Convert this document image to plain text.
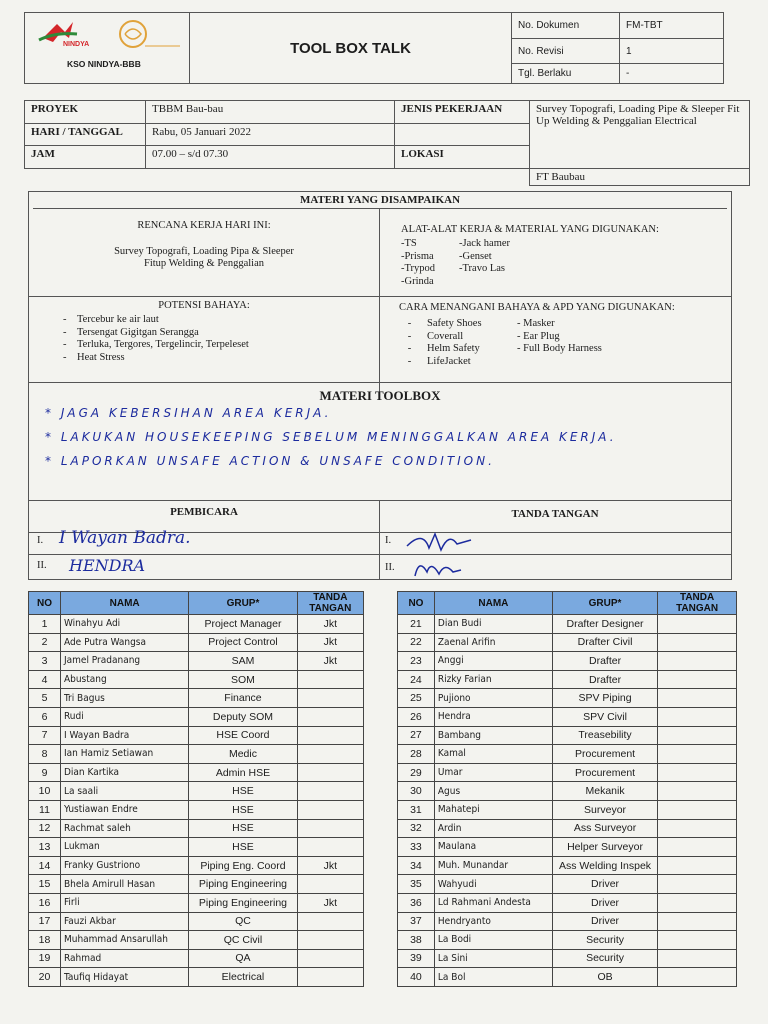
NINDYA
KSO NINDYA-BBB	TOOL BOX TALK	No. Dokumen	FM-TBT
		No. Revisi	1
		Tgl. Berlaku	-
PROYEK	TBBM Bau-bau	JENIS PEKERJAAN	Survey Topografi, Loading Pipe & Sleeper Fit Up Welding & Penggalian Electrical
HARI / TANGGAL	Rabu, 05 Januari 2022		
JAM	07.00 – s/d 07.30	LOKASI	
			FT Baubau
MATERI YANG DISAMPAIKAN
RENCANA KERJA HARI INI:
Survey Topografi, Loading Pipa & Sleeper
Fitup Welding & Penggalian
ALAT-ALAT KERJA & MATERIAL YANG DIGUNAKAN:
-TS
-Prisma
-Trypod
-Grinda
-Jack hamer
-Genset
-Travo Las
POTENSI BAHAYA:
- Tercebur ke air laut
- Tersengat Gigitgan Serangga
- Terluka, Tergores, Tergelincir, Terpeleset
- Heat Stress
CARA MENANGANI BAHAYA & APD YANG DIGUNAKAN:
- Safety Shoes
- Coverall
- Helm Safety
- LifeJacket
- Masker
- Ear Plug
- Full Body Harness
MATERI TOOLBOX
* JAGA KEBERSIHAN AREA KERJA.
* LAKUKAN HOUSEKEEPING SEBELUM MENINGGALKAN AREA KERJA.
* LAPORKAN UNSAFE ACTION & UNSAFE CONDITION.
PEMBICARA	TANDA TANGAN
I. I Wayan Badra.
II. HENDRA
I.
II.
NO	NAMA	GRUP*	TANDA TANGAN
1	Winahyu Adi	Project Manager	Jkt
2	Ade Putra Wangsa	Project Control	Jkt
3	Jamel Pradanang	SAM	Jkt
4	Abustang	SOM	
5	Tri Bagus	Finance	
6	Rudi	Deputy SOM	
7	I Wayan Badra	HSE Coord	
8	Ian Hamiz Setiawan	Medic	
9	Dian Kartika	Admin HSE	
10	La saali	HSE	
11	Yustiawan Endre	HSE	
12	Rachmat saleh	HSE	
13	Lukman	HSE	
14	Franky Gustriono	Piping Eng. Coord	Jkt
15	Bhela Amirull Hasan	Piping Engineering	
16	Firli	Piping Engineering	Jkt
17	Fauzi Akbar	QC	
18	Muhammad Ansarullah	QC Civil	
19	Rahmad	QA	
20	Taufiq Hidayat	Electrical	
NO	NAMA	GRUP*	TANDA TANGAN
21	Dian Budi	Drafter Designer	
22	Zaenal Arifin	Drafter Civil	
23	Anggi	Drafter	
24	Rizky Farian	Drafter	
25	Pujiono	SPV Piping	
26	Hendra	SPV Civil	
27	Bambang	Treasebility	
28	Kamal	Procurement	
29	Umar	Procurement	
30	Agus	Mekanik	
31	Mahatepi	Surveyor	
32	Ardin	Ass Surveyor	
33	Maulana	Helper Surveyor	
34	Muh. Munandar	Ass Welding Inspek	
35	Wahyudi	Driver	
36	Ld Rahmani Andesta	Driver	
37	Hendryanto	Driver	
38	La Bodi	Security	
39	La Sini	Security	
40	La Bol	OB	
